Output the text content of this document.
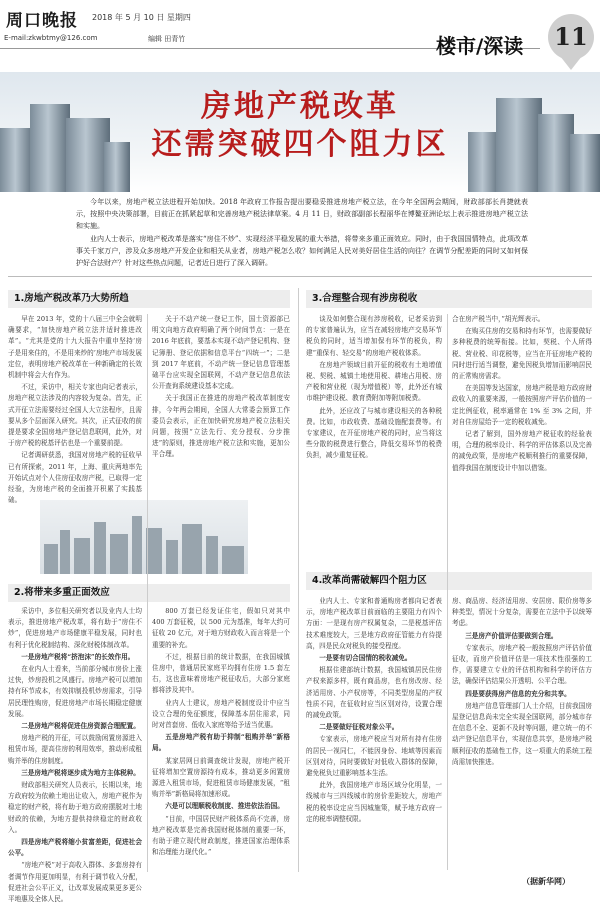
周口晚报 2018 年 5 月 10 日 星期四
E-mail:zkwbtmy@126.com	编辑 田青竹	楼市/深读 11
房地产税改革
还需突破四个阻力区

今年以来，房地产税立法进程开始加快。2018 年政府工作报告提出要稳妥推进房地产税立法，在今年全国两会期间，财政部部长肖捷就表示，按照中央决策部署，目前正在抓紧起草和完善房地产税法律草案。4 月 11 日，财政部副部长程丽华在博鳌亚洲论坛上表示推进房地产税立法和实施。

业内人士表示，房地产税改革是落实“房住不炒”、实现经济平稳发展的重大举措，将带来多重正面效应。同时，由于我国国情特点，此项改革事关千家万户，涉及众多房地产开发企业和相关从业者，房地产税怎么收？如何满足人民对美好居住生活的向往？在调节分配差距的同时又如何保护好合法财产？针对这些热点问题，记者近日进行了深入调研。

1.房地产税改革乃大势所趋

早在 2013 年，党的十八届三中全会就明确要求，“加快房地产税立法并适时推进改革”。“尤其是党的十九大报告中重申坚持‘房子是用来住的，不是用来炒的’房地产市场发展定位，表明房地产税改革在一种新确定的长效机制中将会大有作为。

不过，采访中，相关专家也向记者表示，房地产税立法涉及的内容较为复杂。首先，正式开征立法需要经过全国人大立法程序，且需要从多个层面深入研究。其次，正式征收的前提是要求全国房地产登记信息联网，此外，对于房产税的税基评估也是一个重要前提。

记者调研获悉，我国对房地产税的征收早已有所探索，2011 年，上海、重庆两地率先开始试点对个人住房征收房产税，已取得一定经验，为房地产税的全面推开积累了实践基础。

关于不动产统一登记工作，国土资源部已明文向地方政府明确了两个时间节点：一是在 2016 年底前，要基本实现不动产登记机构、登记簿册、登记依据和信息平台“四统一”；二是到 2017 年底前，不动产统一登记信息管理基础平台应实现全国联网，不动产登记信息依法公开查询系统建设基本完成。

关于我国正在推进的房地产税改革制度安排，今年两会期间，全国人大常委会预算工作委员会表示，正在加快研究房地产税立法相关问题，按照“立法先行、充分授权、分步推进”的原则，推进房地产税立法和实施，更加公平合理。

2.将带来多重正面效应

采访中，多位相关研究者以及业内人士均表示，推进房地产税改革，将有助于“房住不炒”，促进房地产市场健康平稳发展，同时也有利于优化税制结构、深化财税体制改革。

一是房地产税将“挤泡沫”的长效作用。

在业内人士看来，当前部分城市房价上涨过快，炒房投机之风盛行。房地产税可以增加持有环节成本，有效抑制投机炒房需求，引导居民理性购房，促进房地产市场长期稳定健康发展。

二是房地产税将促进住房资源合理配置。

房地产税的开征，可以鼓励闲置房源进入租赁市场，提高住房的利用效率，推动形成租购并举的住房制度。

三是房地产税将逐步成为地方主体税种。

财政部相关研究人员表示，长期以来，地方政府较为依赖土地出让收入，房地产税作为稳定的财产税，将有助于地方政府摆脱对土地财政的依赖，为地方提供持续稳定的财政收入。

四是房地产税将缩小贫富差距，促进社会公平。

“房地产税”对于高收入群体、多套房持有者调节作用更加明显，有利于调节收入分配，促进社会公平正义，让改革发展成果更多更公平地惠及全体人民。

800 万套已经发证住宅，假如只对其中 400 万套征税，以 500 元为基准，每年大约可征收 20 亿元，对于地方财政收入而言将是一个重要的补充。

不过，根据目前的统计数据，在我国城镇住房中，普通居民家庭平均拥有住房 1.5 套左右，这也意味着房地产税征收后，大部分家庭都将涉及其中。

业内人士建议，房地产税制度设计中应当设立合理的免征额度，保障基本居住需求，同时对首套房、低收入家庭等给予适当优惠。

五是房地产税有助于抑制“租购并举”新格局。

某家居网日前调查统计发现，房地产税开征将增加空置房源持有成本，推动更多闲置房源进入租赁市场，促进租赁市场健康发展，“租购并举”新格局将加速形成。

六是可以理顺税收制度、推进依法治国。

“目前，中国居民财产税体系尚不完善，房地产税改革是完善我国财税体制的重要一环，有助于建立现代财政制度，推进国家治理体系和治理能力现代化。”

3.合理整合现有涉房税收

谈及如何整合现有涉房税收，记者采访到的专家普遍认为，应当在减轻房地产交易环节税负的同时，适当增加保有环节的税负，构建“重保有、轻交易”的房地产税收体系。

在房地产领域目前开征的税收有土地增值税、契税、城镇土地使用税、耕地占用税、房产税和营业税（现为增值税）等，此外还有城市维护建设税、教育费附加等附加税费。

此外，还应改了与城市建设相关的各种税费。比如，市政收费、基础设施配套费等。有专家建议，在开征房地产税的同时，应当将这些分散的税费进行整合，降低交易环节的税费负担，减少重复征税。

合在房产税当中，”胡光辉表示。

在购买住房的交易和持有环节，也需要做好多种税费的统筹衔接。比如，契税、个人所得税、营业税、印花税等，应当在开征房地产税的同时进行适当调整，避免因税负增加而影响居民的正常购房需求。

在美国等发达国家，房地产税是地方政府财政收入的重要来源，一般按照房产评估价值的一定比例征收，税率通常在 1% 至 3% 之间，并对自住房屋给予一定的税收减免。

记者了解到，国外房地产税征收的经验表明，合理的税率设计、科学的评估体系以及完善的减免政策，是房地产税顺利推行的重要保障，值得我国在制度设计中加以借鉴。

4.改革尚需破解四个阻力区

业内人士、专家和普通购房者都向记者表示，房地产税改革目前面临的主要阻力有四个方面：一是现有房产权属复杂，二是税基评估技术难度较大，三是地方政府征管能力有待提高，四是民众对税负的接受程度。

一是要有切合国情的税收减免。

根据住建部统计数据，我国城镇居民住房产权来源多样，既有商品房，也有房改房、经济适用房、小产权房等，不同类型房屋的产权性质不同，在征收时应当区别对待，设置合理的减免政策。

二是要做好征税对象公平。

专家表示，房地产税应当对所有持有住房的居民一视同仁，不能因身份、地域等因素而区别对待，同时要做好对低收入群体的保障，避免税负过重影响基本生活。

此外，我国房地产市场区域分化明显，一线城市与三四线城市的房价差距较大，房地产税的税率设定应当因城施策，赋予地方政府一定的税率调整权限。

房、商品房、经济适用房、安居房、限价房等多种类型，情况十分复杂，需要在立法中予以统筹考虑。

三是房产价值评估要做到合理。

专家表示，房地产税一般按照房产评估价值征收，而房产价值评估是一项技术性很强的工作，需要建立专业的评估机构和科学的评估方法，确保评估结果公开透明、公平合理。

四是要获得房产信息的充分和共享。

房地产信息管理部门人士介绍，目前我国房屋登记信息尚未完全实现全国联网，部分城市存在信息不全、更新不及时等问题，建立统一的不动产登记信息平台，实现信息共享，是房地产税顺利征收的基础性工作，这一项重大的系统工程尚需加快推进。

（据新华网）
